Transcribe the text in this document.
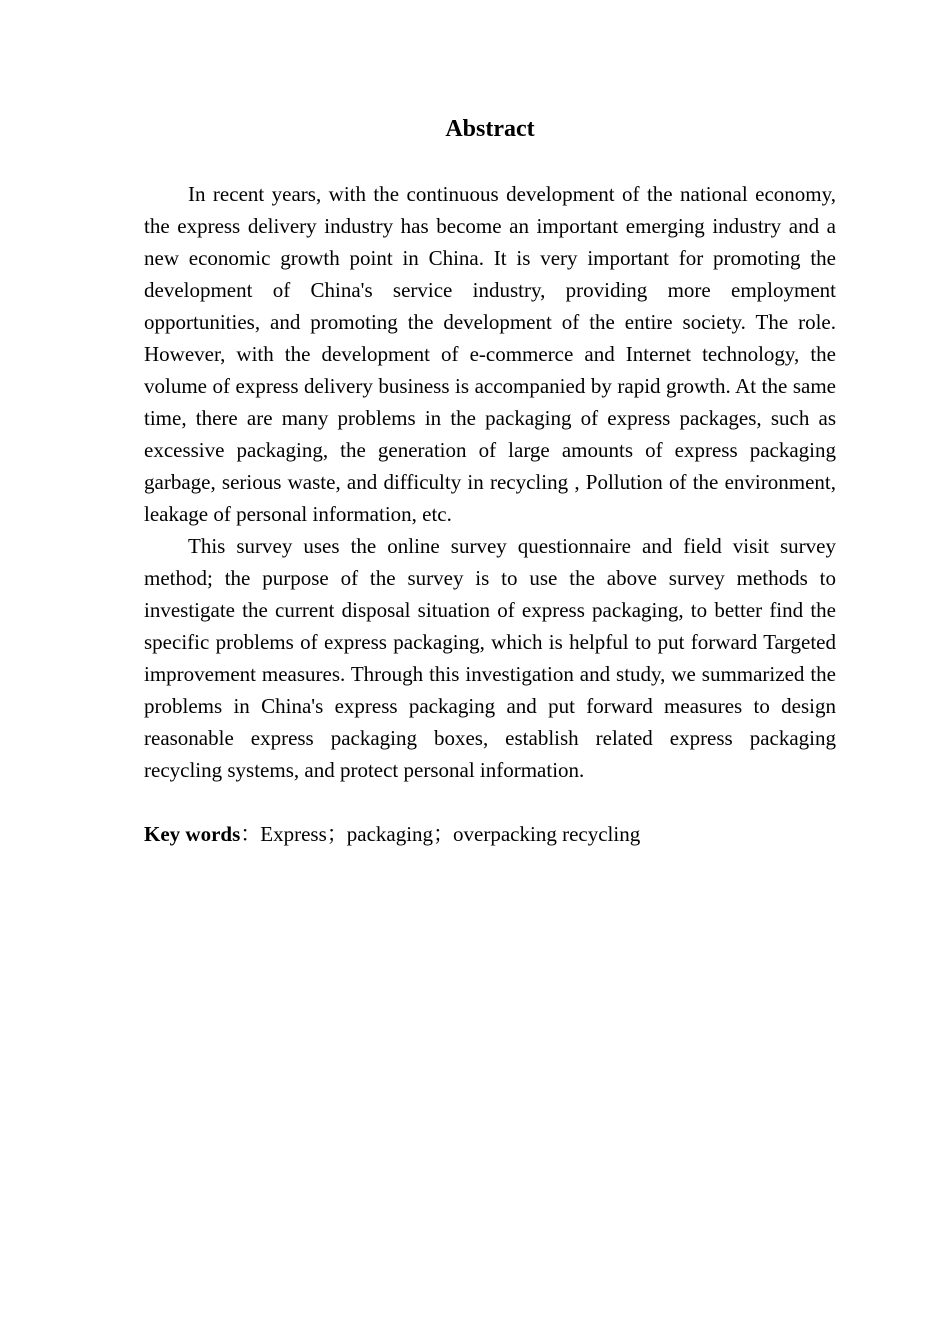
Abstract

In recent years, with the continuous development of the national economy, the express delivery industry has become an important emerging industry and a new economic growth point in China. It is very important for promoting the development of China's service industry, providing more employment opportunities, and promoting the development of the entire society. The role. However, with the development of e-commerce and Internet technology, the volume of express delivery business is accompanied by rapid growth. At the same time, there are many problems in the packaging of express packages, such as excessive packaging, the generation of large amounts of express packaging garbage, serious waste, and difficulty in recycling , Pollution of the environment, leakage of personal information, etc.

This survey uses the online survey questionnaire and field visit survey method; the purpose of the survey is to use the above survey methods to investigate the current disposal situation of express packaging, to better find the specific problems of express packaging, which is helpful to put forward Targeted improvement measures. Through this investigation and study, we summarized the problems in China's express packaging and put forward measures to design reasonable express packaging boxes, establish related express packaging recycling systems, and protect personal information.

Key words：Express；packaging；overpacking recycling
